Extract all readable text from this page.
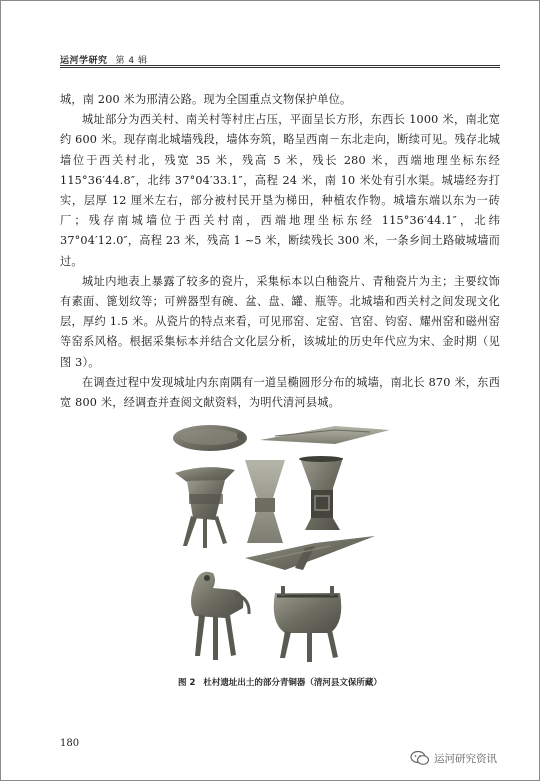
运河学研究 第 4 辑

城，南 200 米为邢清公路。现为全国重点文物保护单位。

城址部分为西关村、南关村等村庄占压，平面呈长方形，东西长 1000 米，南北宽约 600 米。现存南北城墙残段，墙体夯筑，略呈西南－东北走向，断续可见。残存北城墙位于西关村北，残宽 35 米，残高 5 米，残长 280 米，西端地理坐标东经 115°36′44.8″，北纬 37°04′33.1″，高程 24 米，南 10 米处有引水渠。城墙经夯打实，层厚 12 厘米左右，部分被村民开垦为梯田，种植农作物。城墙东端以东为一砖厂；残存南城墙位于西关村南，西端地理坐标东经 115°36′44.1″，北纬 37°04′12.0″，高程 23 米，残高 1 ~5 米，断续残长 300 米，一条乡间土路破城墙而过。

城址内地表上暴露了较多的瓷片，采集标本以白釉瓷片、青釉瓷片为主；主要纹饰有素面、篦划纹等；可辨器型有碗、盆、盘、罐、瓶等。北城墙和西关村之间发现文化层，厚约 1.5 米。从瓷片的特点来看，可见邢窑、定窑、官窑、钧窑、耀州窑和磁州窑等窑系风格。根据采集标本并结合文化层分析，该城址的历史年代应为宋、金时期（见图 3）。

在调查过程中发现城址内东南隅有一道呈椭圆形分布的城墙，南北长 870 米，东西宽 800 米，经调查并查阅文献资料，为明代清河县城。

图 2 杜村遗址出土的部分青铜器（清河县文保所藏）
180
运河研究资讯
